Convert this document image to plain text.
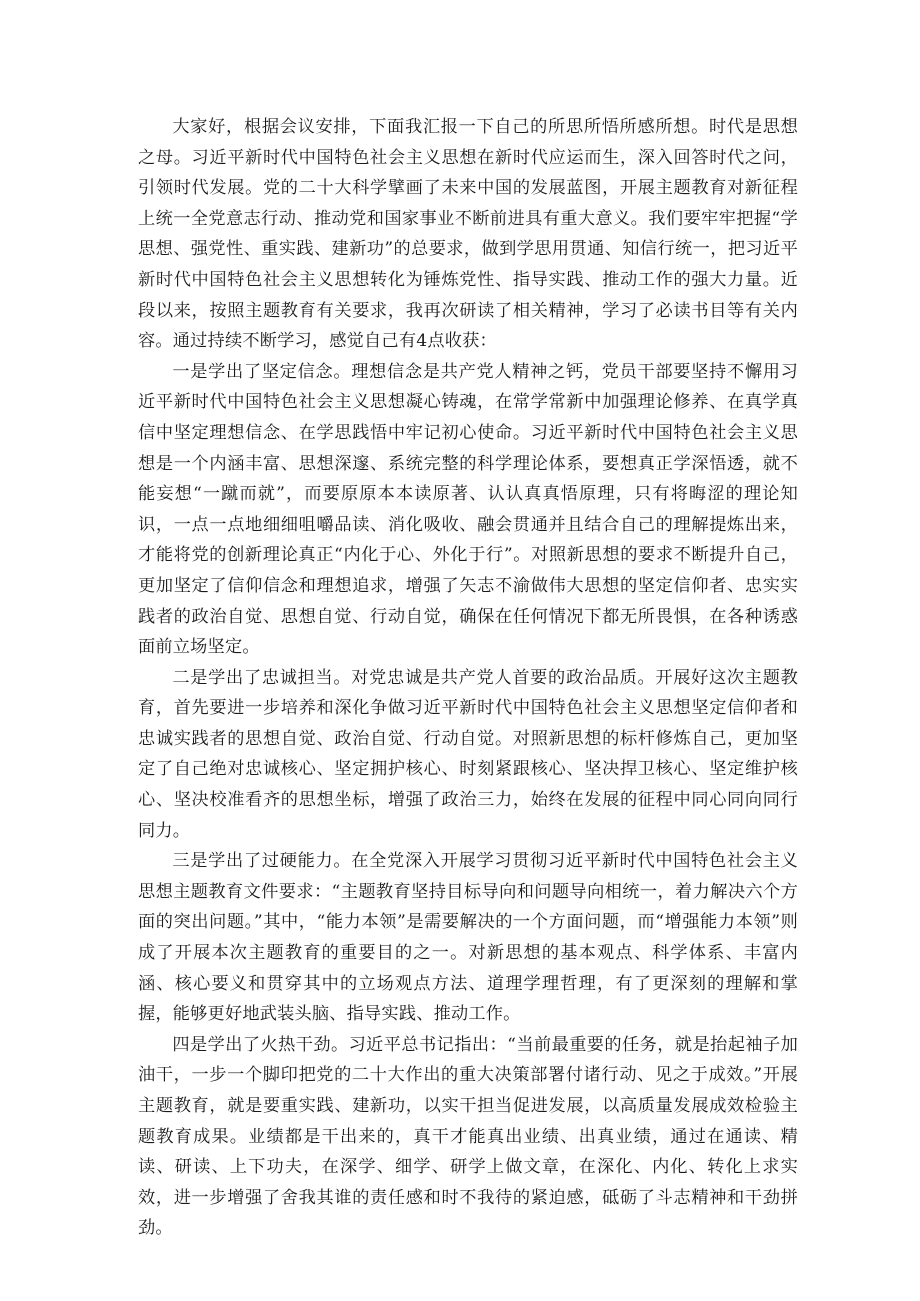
大家好，根据会议安排，下面我汇报一下自己的所思所悟所感所想。时代是思想之母。习近平新时代中国特色社会主义思想在新时代应运而生，深入回答时代之问，引领时代发展。党的二十大科学擘画了未来中国的发展蓝图，开展主题教育对新征程上统一全党意志行动、推动党和国家事业不断前进具有重大意义。我们要牢牢把握“学思想、强党性、重实践、建新功”的总要求，做到学思用贯通、知信行统一，把习近平新时代中国特色社会主义思想转化为锤炼党性、指导实践、推动工作的强大力量。近段以来，按照主题教育有关要求，我再次研读了相关精神，学习了必读书目等有关内容。通过持续不断学习，感觉自己有4点收获：

一是学出了坚定信念。理想信念是共产党人精神之钙，党员干部要坚持不懈用习近平新时代中国特色社会主义思想凝心铸魂，在常学常新中加强理论修养、在真学真信中坚定理想信念、在学思践悟中牢记初心使命。习近平新时代中国特色社会主义思想是一个内涵丰富、思想深邃、系统完整的科学理论体系，要想真正学深悟透，就不能妄想“一蹴而就”，而要原原本本读原著、认认真真悟原理，只有将晦涩的理论知识，一点一点地细细咀嚼品读、消化吸收、融会贯通并且结合自己的理解提炼出来，才能将党的创新理论真正“内化于心、外化于行”。对照新思想的要求不断提升自己，更加坚定了信仰信念和理想追求，增强了矢志不渝做伟大思想的坚定信仰者、忠实实践者的政治自觉、思想自觉、行动自觉，确保在任何情况下都无所畏惧，在各种诱惑面前立场坚定。

二是学出了忠诚担当。对党忠诚是共产党人首要的政治品质。开展好这次主题教育，首先要进一步培养和深化争做习近平新时代中国特色社会主义思想坚定信仰者和忠诚实践者的思想自觉、政治自觉、行动自觉。对照新思想的标杆修炼自己，更加坚定了自己绝对忠诚核心、坚定拥护核心、时刻紧跟核心、坚决捍卫核心、坚定维护核心、坚决校准看齐的思想坐标，增强了政治三力，始终在发展的征程中同心同向同行同力。

三是学出了过硬能力。在全党深入开展学习贯彻习近平新时代中国特色社会主义思想主题教育文件要求：“主题教育坚持目标导向和问题导向相统一，着力解决六个方面的突出问题。”其中，“能力本领”是需要解决的一个方面问题，而“增强能力本领”则成了开展本次主题教育的重要目的之一。对新思想的基本观点、科学体系、丰富内涵、核心要义和贯穿其中的立场观点方法、道理学理哲理，有了更深刻的理解和掌握，能够更好地武装头脑、指导实践、推动工作。

四是学出了火热干劲。习近平总书记指出：“当前最重要的任务，就是抬起袖子加油干，一步一个脚印把党的二十大作出的重大决策部署付诸行动、见之于成效。”开展主题教育，就是要重实践、建新功，以实干担当促进发展，以高质量发展成效检验主题教育成果。业绩都是干出来的，真干才能真出业绩、出真业绩，通过在通读、精读、研读、上下功夫，在深学、细学、研学上做文章，在深化、内化、转化上求实效，进一步增强了舍我其谁的责任感和时不我待的紧迫感，砥砺了斗志精神和干劲拼劲。
